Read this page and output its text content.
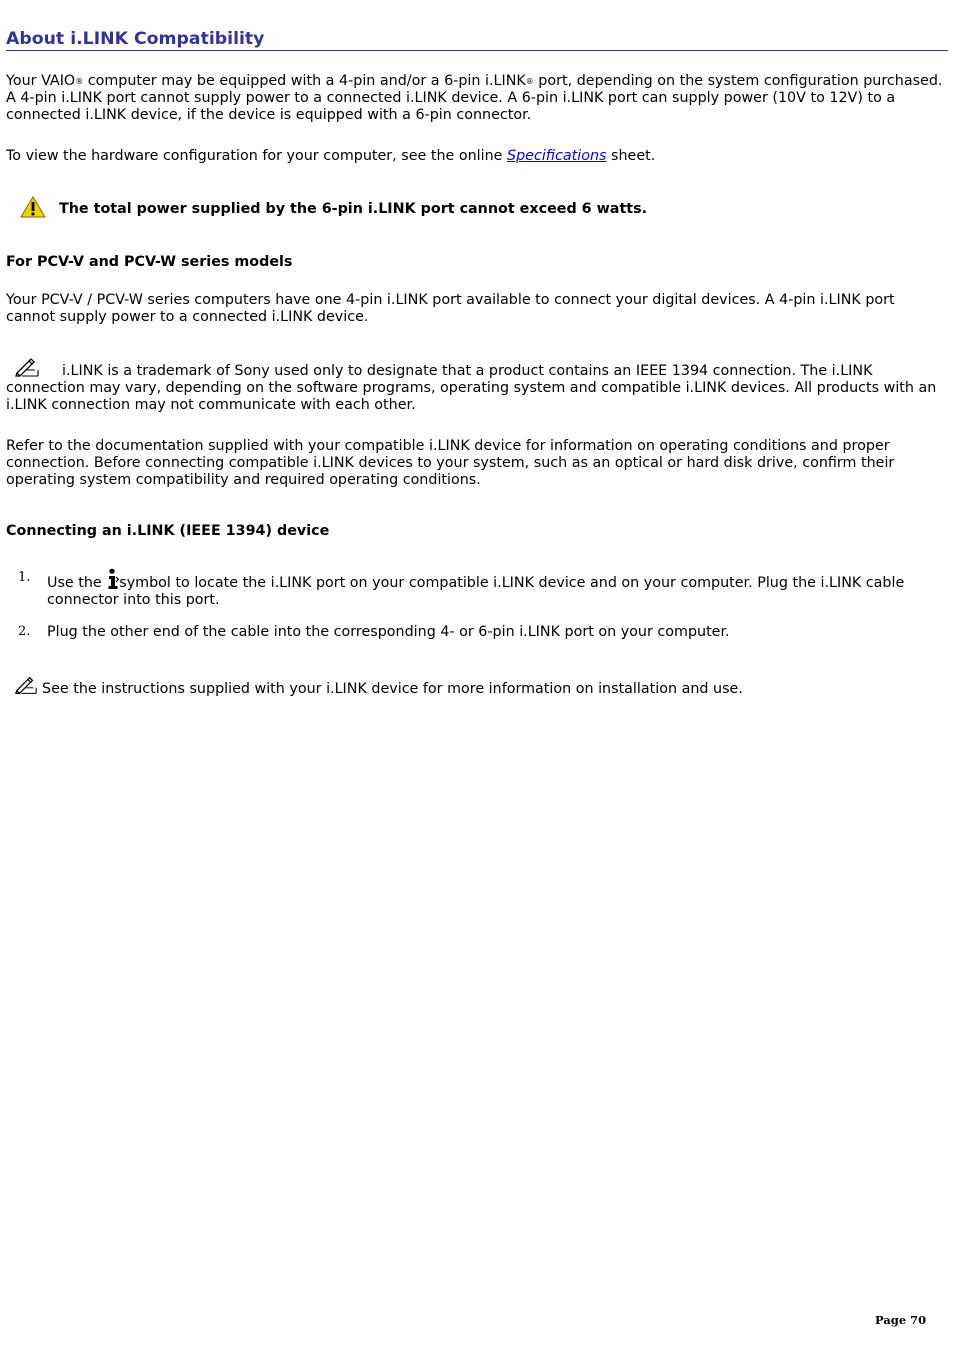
About i.LINK Compatibility

Your VAIO® computer may be equipped with a 4-pin and/or a 6-pin i.LINK® port, depending on the system configuration purchased. A 4-pin i.LINK port cannot supply power to a connected i.LINK device. A 6-pin i.LINK port can supply power (10V to 12V) to a connected i.LINK device, if the device is equipped with a 6-pin connector.

To view the hardware configuration for your computer, see the online Specifications sheet.

The total power supplied by the 6-pin i.LINK port cannot exceed 6 watts.
For PCV-V and PCV-W series models

Your PCV-V / PCV-W series computers have one 4-pin i.LINK port available to connect your digital devices. A 4-pin i.LINK port cannot supply power to a connected i.LINK device.

i.LINK is a trademark of Sony used only to designate that a product contains an IEEE 1394 connection. The i.LINK connection may vary, depending on the software programs, operating system and compatible i.LINK devices. All products with an i.LINK connection may not communicate with each other.

Refer to the documentation supplied with your compatible i.LINK device for information on operating conditions and proper connection. Before connecting compatible i.LINK devices to your system, such as an optical or hard disk drive, confirm their operating system compatibility and required operating conditions.

Connecting an i.LINK (IEEE 1394) device
1. Use the symbol to locate the i.LINK port on your compatible i.LINK device and on your computer. Plug the i.LINK cable connector into this port.
2. Plug the other end of the cable into the corresponding 4- or 6-pin i.LINK port on your computer.

See the instructions supplied with your i.LINK device for more information on installation and use.

Page 70
